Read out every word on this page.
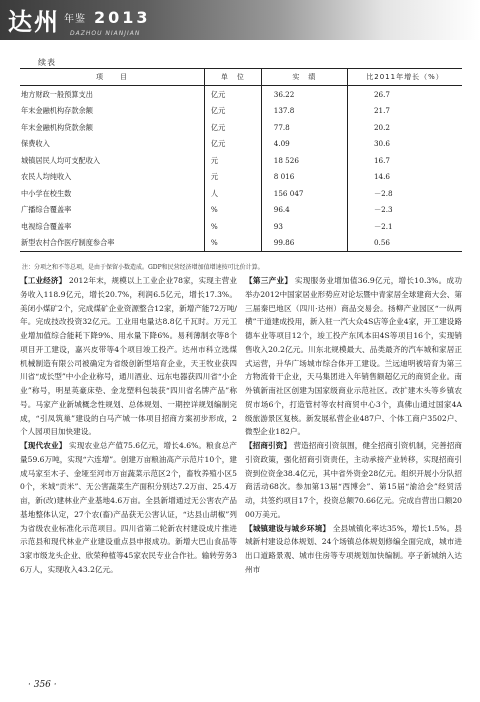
达州 年鉴 2013
DAZHOU NIANJIAN
续表
项　　目	单　位	实　绩	比2011年增长（%）
地方财政一般预算支出	亿元	36.22	26.7
年末金融机构存款余额	亿元	137.8	21.7
年末金融机构贷款余额	亿元	77.8	20.2
保费收入	亿元	4.09	30.6
城镇居民人均可支配收入	元	18 526	16.7
农民人均纯收入	元	8 016	14.6
中小学在校生数	人	156 047	－2.8
广播综合覆盖率	%	96.4	－2.3
电视综合覆盖率	%	93	－2.1
新型农村合作医疗制度参合率	%	99.86	0.56
注：分项之和不等总项，是由于保留小数造成。GDP和民营经济增加值增速按可比价计算。

【工业经济】 2012年末，规模以上工业企业78家，实现主营业务收入118.9亿元，增长20.7%，利润6.5亿元，增长17.3%。美闭小煤矿2个，完成煤矿企业资源整合12家，新增产能72万吨/年。完成技改投资32亿元。工业用电量达8.8亿千瓦时。万元工业增加值综合能耗下降9%、用水量下降6%。易利薄制衣等8个项目开工建设，嘉兴皮带等4个项目竣工投产。达州市科立选煤机械制造有限公司被确定为省级创新型培育企业，天王牧业获四川省“成长型”中小企业称号，通川酒业、远东电器获四川省“小企业”称号，明星英豪床垫、金龙塑料包装获“四川省名牌产品”称号。马家产业新城概念性规划、总体规划、一期控详规划编制完成，“引凤筑巢”建设的白马产城一体项目招商方案初步形成，2个人园项目加快建设。

【现代农业】 实现农业总产值75.6亿元，增长4.6%。粮食总产量59.6万吨，实现“六连增”。创建万亩粮油高产示范片10个，建成马家至木子、金垭至河市万亩蔬菜示范区2个，畜牧养殖小区50个，米城“贡米”、无公害蔬菜生产面积分别达7.2万亩、25.4万亩，新(改)建林业产业基地4.6万亩。全县新增通过无公害农产品基地整体认定，27个农(畜)产品获无公害认证，“达县山胡椒”列为省级农业标准化示范项目。四川省第二轮新农村建设成片推进示范县和现代林业产业建设重点县申报成功。新增大巴山食品等3家市级龙头企业、欣荣种植等45家农民专业合作社。输转劳务36万人，实现收入43.2亿元。

【第三产业】 实现服务业增加值36.9亿元，增长10.3%。成功举办2012中国家居业形势应对论坛暨中青家居全球建商大会、第三届秦巴地区（四川·达州）商品交易会。扬柳产业园区“一纵两横”干道建成投用，新入驻一汽大众4S店等企业4家，开工建设路德车业等项目12个，竣工投产东风本田4S等项目16个，实现销售收入20.2亿元。川东北规模最大、品类最齐的汽车城和家居正式运营，升华广场城市综合体开工建设。兰远迪明被培育为第三方物流骨干企业，天马集团进入年销售额超亿元的商贸企业。南外镇新南社区创建为国家级商业示范社区。改扩建木头等乡镇农贸市场6个，打造管村等农村商贸中心3个，真佛山通过国家4A级旅游景区复核。新发展私营企业487户、个体工商户3502户、微型企业182户。

【招商引资】 营造招商引资氛围，健全招商引资机制，完善招商引资政策，强化招商引资责任，主动承接产业转移，实现招商引资到位资金38.4亿元，其中省外资金28亿元。组织开展小分队招商活动68次。参加第13届“西博会”、第15届“渝洽会”经贸活动，共签约项目17个，投资总额70.66亿元。完成自营出口额2000万美元。

【城镇建设与城乡环境】 全县城镇化率达35%，增长1.5%。县城新村建设总体规划、24个场镇总体规划修编全面完成，城市进出口道路景观、城市住房等专项规划加快编制。亭子新城纳入达州市

· 356 ·
